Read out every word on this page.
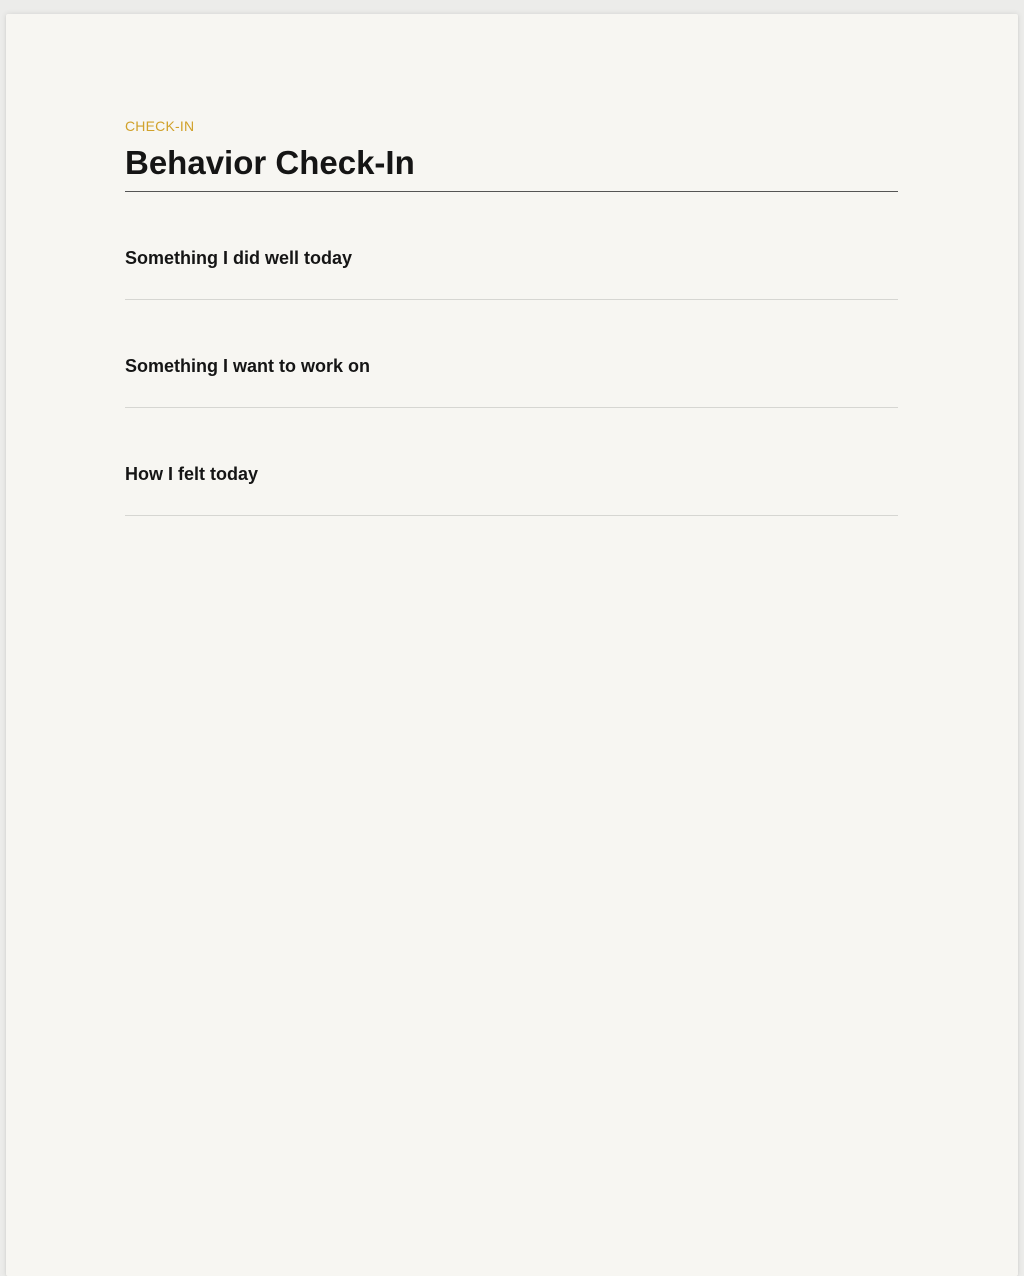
CHECK-IN

Behavior Check-In
Something I did well today
Something I want to work on
How I felt today
